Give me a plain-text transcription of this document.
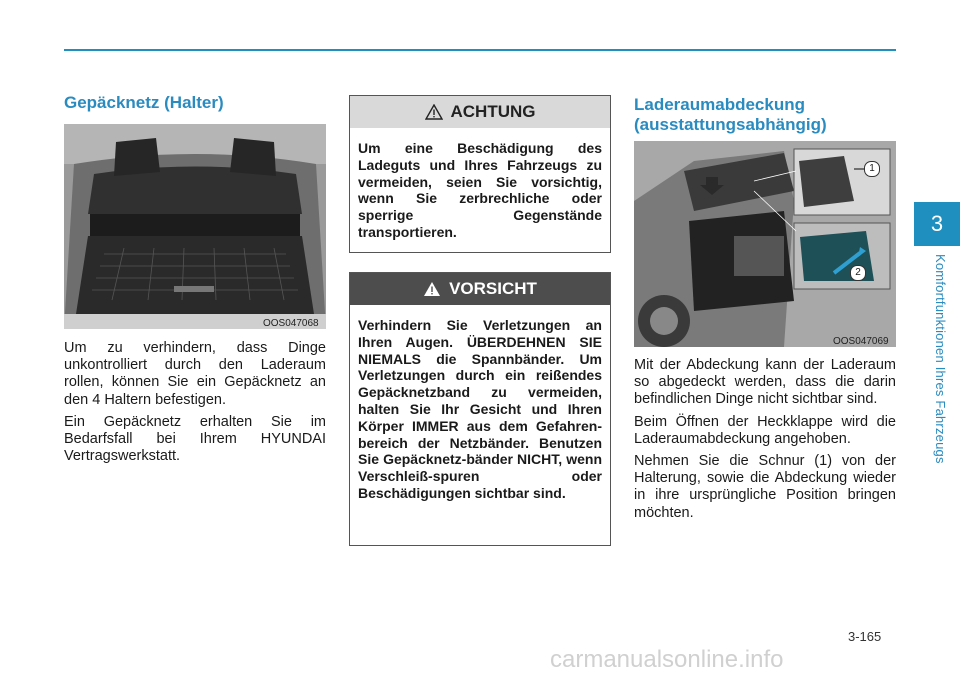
Gepäcknetz (Halter)
OOS047068

Um zu verhindern, dass Dinge unkontrolliert durch den Laderaum rollen, können Sie ein Gepäcknetz an den 4 Haltern befestigen.

Ein Gepäcknetz erhalten Sie im Bedarfsfall bei Ihrem HYUNDAI Vertragswerkstatt.

ACHTUNG
Um eine Beschädigung des Ladeguts und Ihres Fahrzeugs zu vermeiden, seien Sie vorsichtig, wenn Sie zerbrechliche oder sperrige Gegenstände transportieren.
VORSICHT
Verhindern Sie Verletzungen an Ihren Augen. ÜBERDEHNEN SIE NIEMALS die Spannbänder. Um Verletzungen durch ein reißendes Gepäcknetzband zu vermeiden, halten Sie Ihr Gesicht und Ihren Körper IMMER aus dem Gefahren-bereich der Netzbänder. Benutzen Sie Gepäcknetz-bänder NICHT, wenn Verschleiß-spuren oder Beschädigungen sichtbar sind.
Laderaumabdeckung
(ausstattungsabhängig)
1
2
OOS047069

Mit der Abdeckung kann der Laderaum so abgedeckt werden, dass die darin befindlichen Dinge nicht sichtbar sind.

Beim Öffnen der Heckklappe wird die Laderaumabdeckung angehoben.

Nehmen Sie die Schnur (1) von der Halterung, sowie die Abdeckung wieder in ihre ursprüngliche Position bringen möchten.

3
Komfortfunktionen Ihres Fahrzeugs
3-165
carmanualsonline.info
